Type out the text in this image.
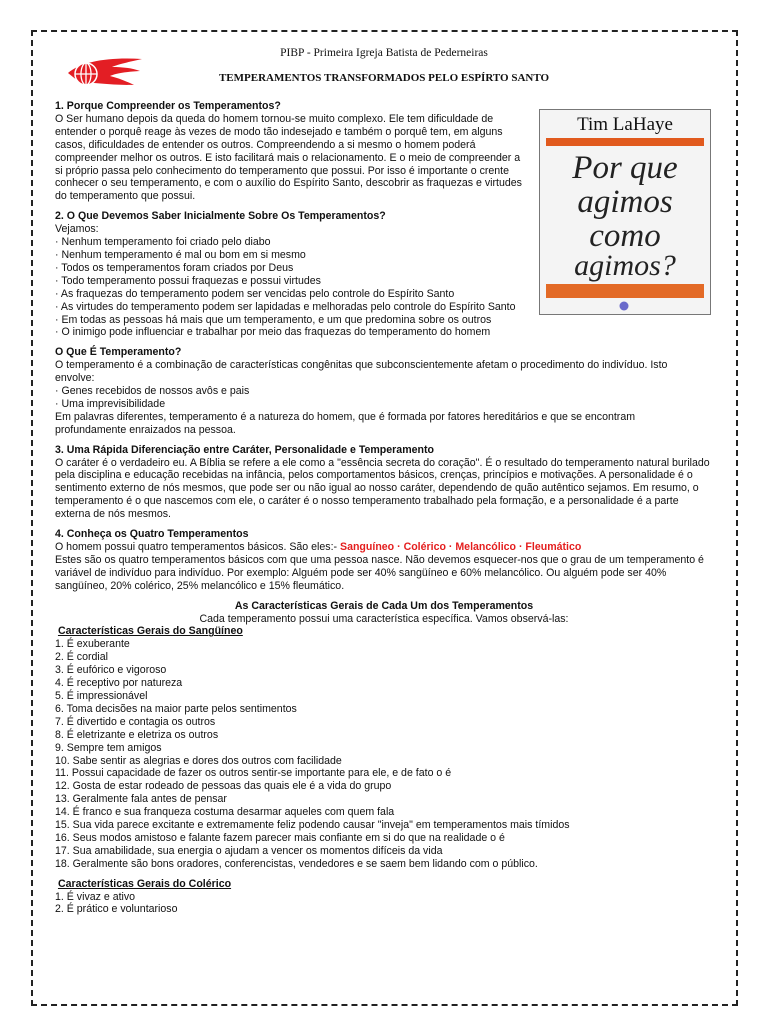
PIBP - Primeira Igreja Batista de Pederneiras
TEMPERAMENTOS TRANSFORMADOS PELO ESPÍRTO SANTO
Tim LaHaye
Por que
agimos
como
agimos?

1. Porque Compreender os Temperamentos?

O Ser humano depois da queda do homem tornou-se muito complexo. Ele tem dificuldade de

entender o porquê reage às vezes de modo tão indesejado e também o porquê tem, em alguns

casos, dificuldades de entender os outros. Compreendendo a si mesmo o homem poderá

compreender melhor os outros. E isto facilitará mais o relacionamento. E o meio de compreender a

si próprio passa pelo conhecimento do temperamento que possui. Por isso é importante o crente

conhecer o seu temperamento, e com o auxílio do Espírito Santo, descobrir as fraquezas e virtudes

do temperamento que possui.

2. O Que Devemos Saber Inicialmente Sobre Os Temperamentos?

Vejamos:

· Nenhum temperamento foi criado pelo diabo

· Nenhum temperamento é mal ou bom em si mesmo

· Todos os temperamentos foram criados por Deus

· Todo temperamento possui fraquezas e possui virtudes

· As fraquezas do temperamento podem ser vencidas pelo controle do Espírito Santo

· As virtudes do temperamento podem ser lapidadas e melhoradas pelo controle do Espírito Santo

· Em todas as pessoas há mais que um temperamento, e um que predomina sobre os outros

· O inimigo pode influenciar e trabalhar por meio das fraquezas do temperamento do homem

O Que É Temperamento?

O temperamento é a combinação de características congênitas que subconscientemente afetam o procedimento do indivíduo. Isto

envolve:

· Genes recebidos de nossos avôs e pais

· Uma imprevisibilidade

Em palavras diferentes, temperamento é a natureza do homem, que é formada por fatores hereditários e que se encontram

profundamente enraizados na pessoa.

3. Uma Rápida Diferenciação entre Caráter, Personalidade e Temperamento

O caráter é o verdadeiro eu. A Bíblia se refere a ele como a "essência secreta do coração". É o resultado do temperamento natural burilado

pela disciplina e educação recebidas na infância, pelos comportamentos básicos, crenças, princípios e motivações. A personalidade é o

sentimento externo de nós mesmos, que pode ser ou não igual ao nosso caráter, dependendo de quão autêntico sejamos. Em resumo, o

temperamento é o que nascemos com ele, o caráter é o nosso temperamento trabalhado pela formação, e a personalidade é a parte

externa de nós mesmos.

4. Conheça os Quatro Temperamentos

O homem possui quatro temperamentos básicos. São eles:- Sanguíneo · Colérico · Melancólico · Fleumático

Estes são os quatro temperamentos básicos com que uma pessoa nasce. Não devemos esquecer-nos que o grau de um temperamento é

variável de indivíduo para indivíduo. Por exemplo: Alguém pode ser 40% sangüíneo e 60% melancólico. Ou alguém pode ser 40%

sangüíneo, 20% colérico, 25% melancólico e 15% fleumático.

As Características Gerais de Cada Um dos Temperamentos

Cada temperamento possui uma característica específica. Vamos observá-las:

Características Gerais do Sangüíneo

1. É exuberante

2. É cordial

3. É eufórico e vigoroso

4. É receptivo por natureza

5. É impressionável

6. Toma decisões na maior parte pelos sentimentos

7. É divertido e contagia os outros

8. É eletrizante e eletriza os outros

9. Sempre tem amigos

10. Sabe sentir as alegrias e dores dos outros com facilidade

11. Possui capacidade de fazer os outros sentir-se importante para ele, e de fato o é

12. Gosta de estar rodeado de pessoas das quais ele é a vida do grupo

13. Geralmente fala antes de pensar

14. É franco e sua franqueza costuma desarmar aqueles com quem fala

15. Sua vida parece excitante e extremamente feliz podendo causar "inveja" em temperamentos mais tímidos

16. Seus modos amistoso e falante fazem parecer mais confiante em si do que na realidade o é

17. Sua amabilidade, sua energia o ajudam a vencer os momentos difíceis da vida

18. Geralmente são bons oradores, conferencistas, vendedores e se saem bem lidando com o público.

Características Gerais do Colérico

1. É vivaz e ativo

2. É prático e voluntarioso
